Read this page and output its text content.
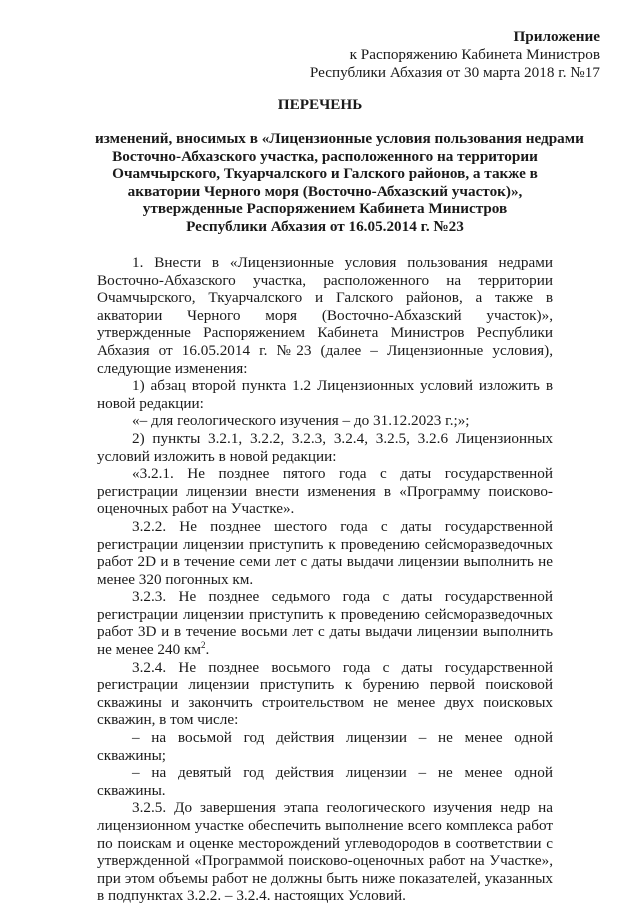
Приложение
к Распоряжению Кабинета Министров
Республики Абхазия от 30 марта 2018 г. №17
ПЕРЕЧЕНЬ
изменений, вносимых в «Лицензионные условия пользования недрами
Восточно-Абхазского участка, расположенного на территории
Очамчырского, Ткуарчалского и Галского районов, а также в
акватории Черного моря (Восточно-Абхазский участок)»,
утвержденные Распоряжением Кабинета Министров
Республики Абхазия от 16.05.2014 г. №23

1. Внести в «Лицензионные условия пользования недрами Восточно-Абхазского участка, расположенного на территории Очамчырского, Ткуарчалского и Галского районов, а также в акватории Черного моря (Восточно-Абхазский участок)», утвержденные Распоряжением Кабинета Министров Республики Абхазия от 16.05.2014 г. №23 (далее – Лицензионные условия), следующие изменения:

1) абзац второй пункта 1.2 Лицензионных условий изложить в новой редакции:

«– для геологического изучения – до 31.12.2023 г.;»;

2) пункты 3.2.1, 3.2.2, 3.2.3, 3.2.4, 3.2.5, 3.2.6 Лицензионных условий изложить в новой редакции:

«3.2.1. Не позднее пятого года с даты государственной регистрации лицензии внести изменения в «Программу поисково-оценочных работ на Участке».

3.2.2. Не позднее шестого года с даты государственной регистрации лицензии приступить к проведению сейсморазведочных работ 2D и в течение семи лет с даты выдачи лицензии выполнить не менее 320 погонных км.

3.2.3. Не позднее седьмого года с даты государственной регистрации лицензии приступить к проведению сейсморазведочных работ 3D и в течение восьми лет с даты выдачи лицензии выполнить не менее 240 $км^2$.

3.2.4. Не позднее восьмого года с даты государственной регистрации лицензии приступить к бурению первой поисковой скважины и закончить строительством не менее двух поисковых скважин, в том числе:

– на восьмой год действия лицензии – не менее одной скважины;

– на девятый год действия лицензии – не менее одной скважины.

3.2.5. До завершения этапа геологического изучения недр на лицензионном участке обеспечить выполнение всего комплекса работ по поискам и оценке месторождений углеводородов в соответствии с утвержденной «Программой поисково-оценочных работ на Участке», при этом объемы работ не должны быть ниже показателей, указанных в подпунктах 3.2.2. – 3.2.4. настоящих Условий.
